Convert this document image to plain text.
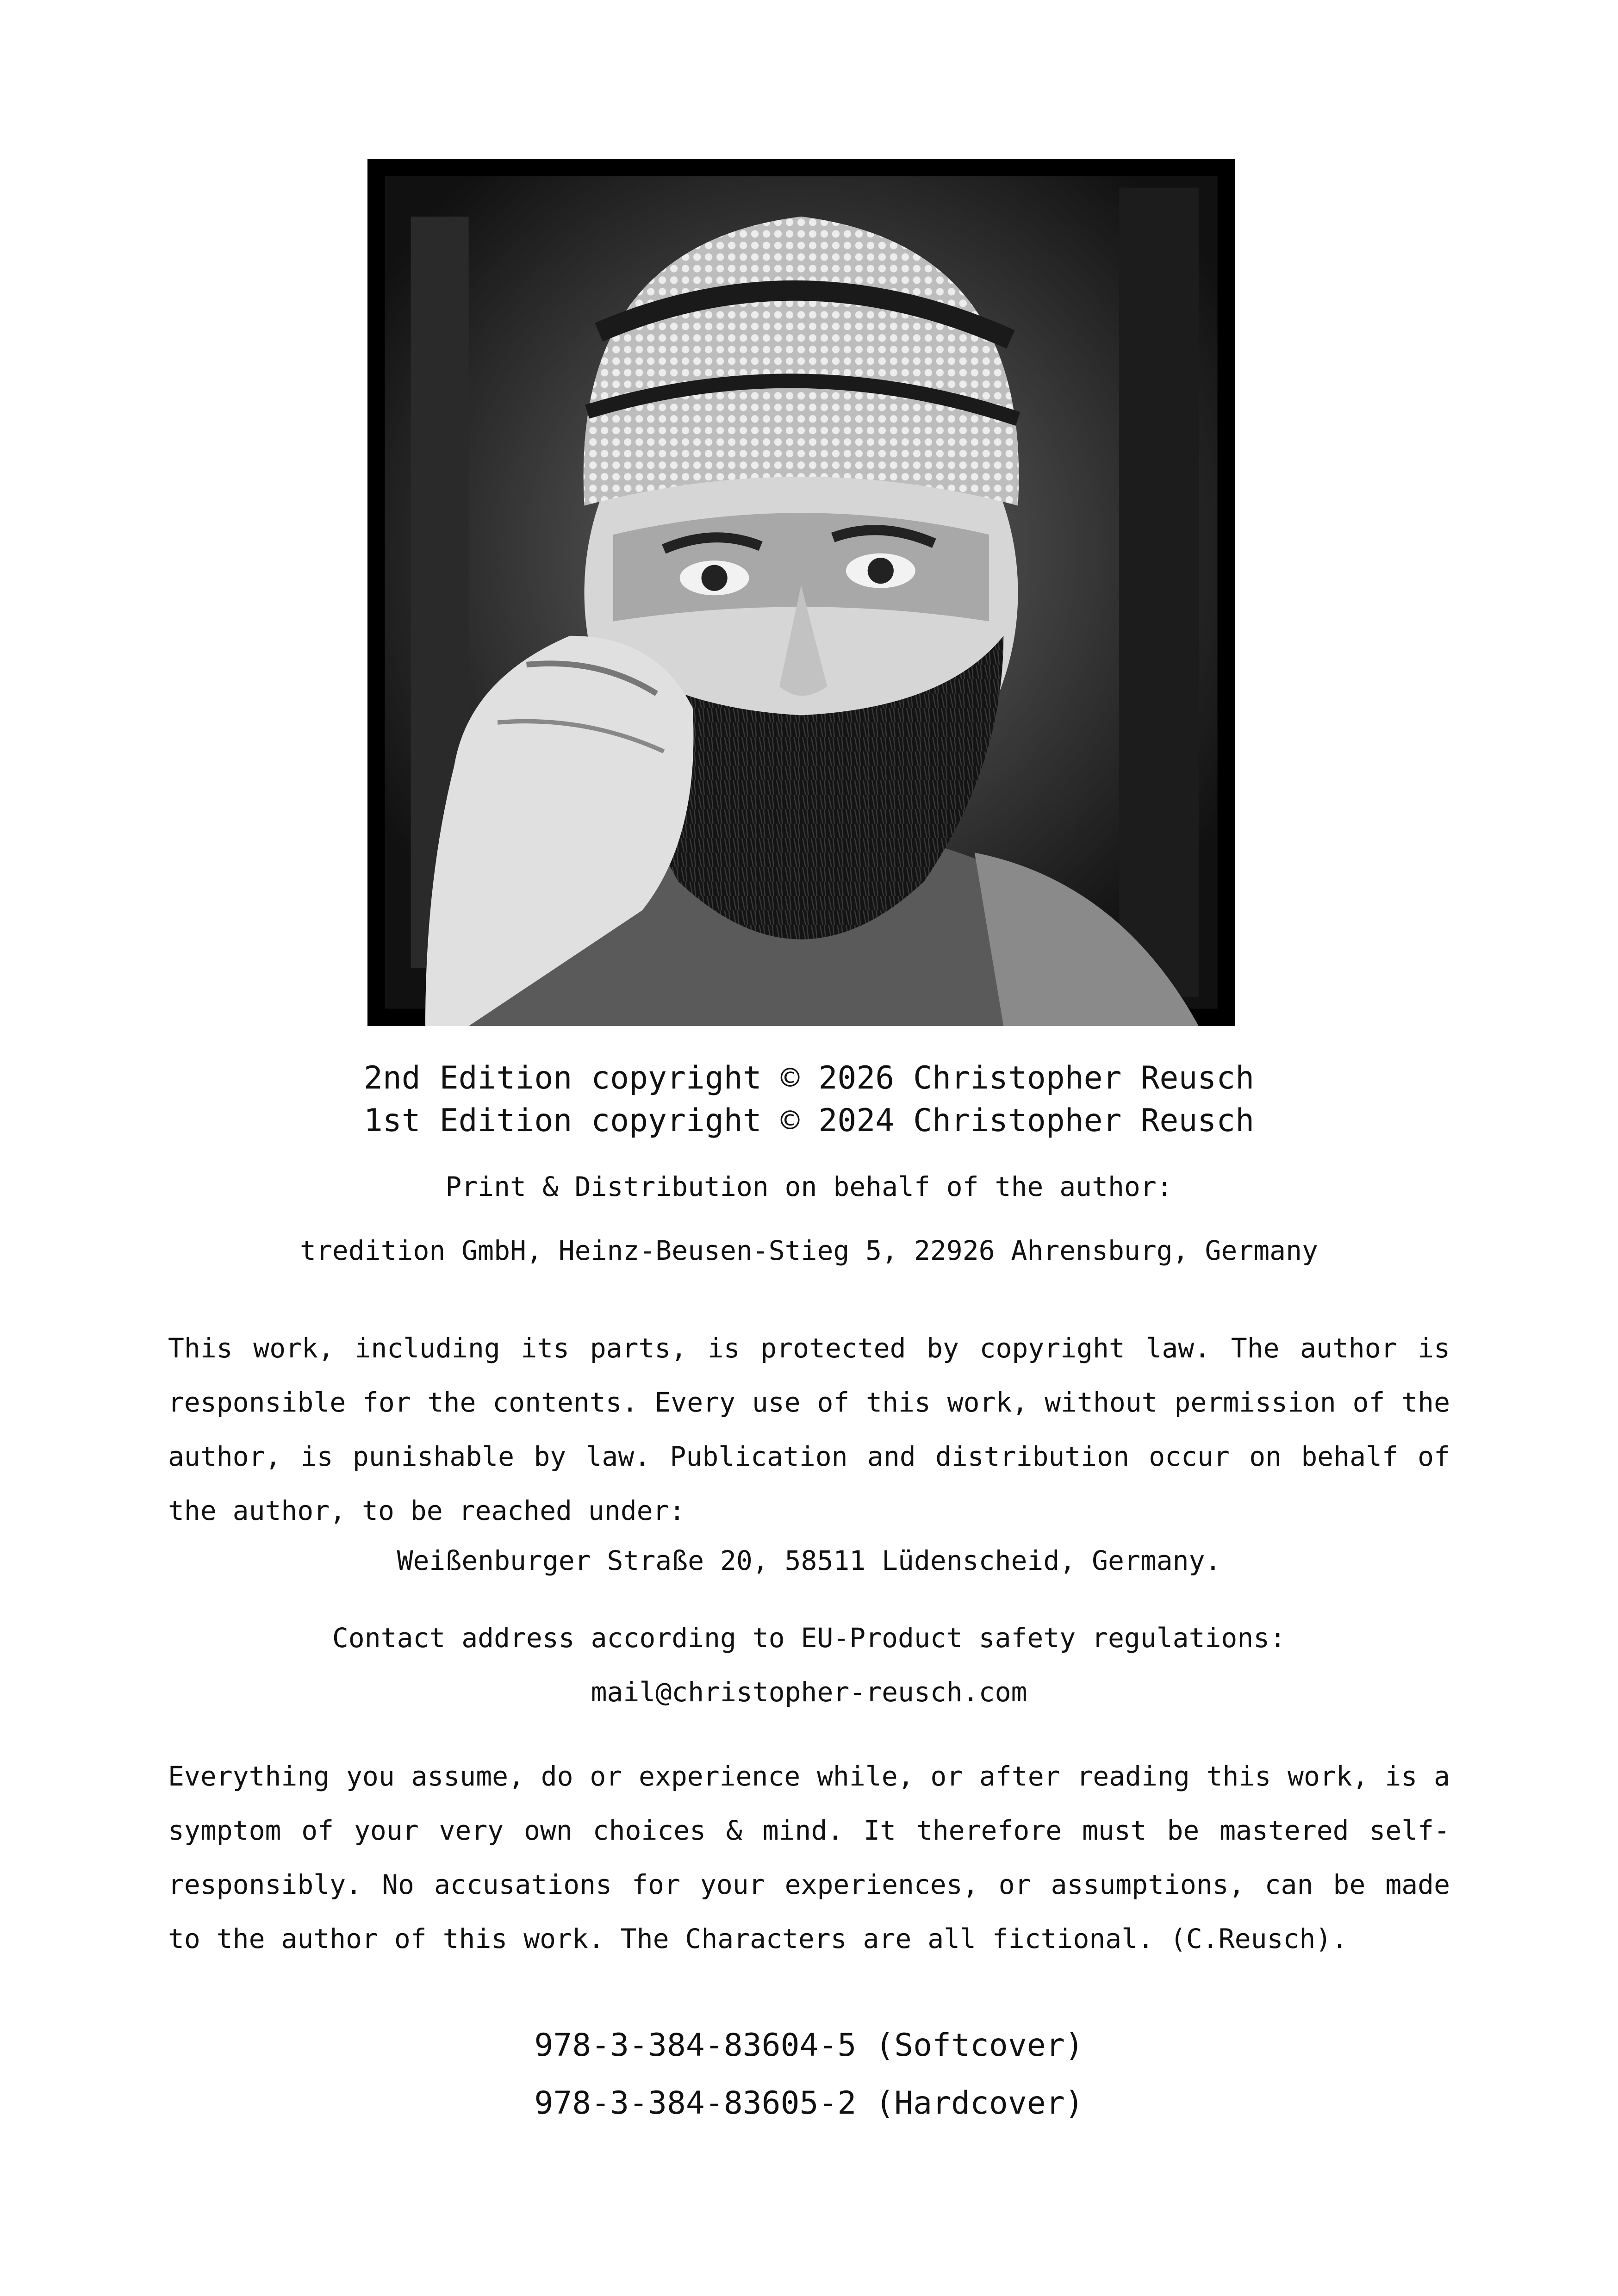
2nd Edition copyright © 2026 Christopher Reusch
1st Edition copyright © 2024 Christopher Reusch
Print & Distribution on behalf of the author:
tredition GmbH, Heinz-Beusen-Stieg 5, 22926 Ahrensburg, Germany
This work, including its parts, is protected by copyright law. The author is responsible for the contents. Every use of this work, without permission of the author, is punishable by law. Publication and distribution occur on behalf of the author, to be reached under:
Weißenburger Straße 20, 58511 Lüdenscheid, Germany.
Contact address according to EU-Product safety regulations:
mail@christopher-reusch.com
Everything you assume, do or experience while, or after reading this work, is a symptom of your very own choices & mind. It therefore must be mastered self-responsibly. No accusations for your experiences, or assumptions, can be made to the author of this work. The Characters are all fictional. (C.Reusch).
978-3-384-83604-5 (Softcover)
978-3-384-83605-2 (Hardcover)
